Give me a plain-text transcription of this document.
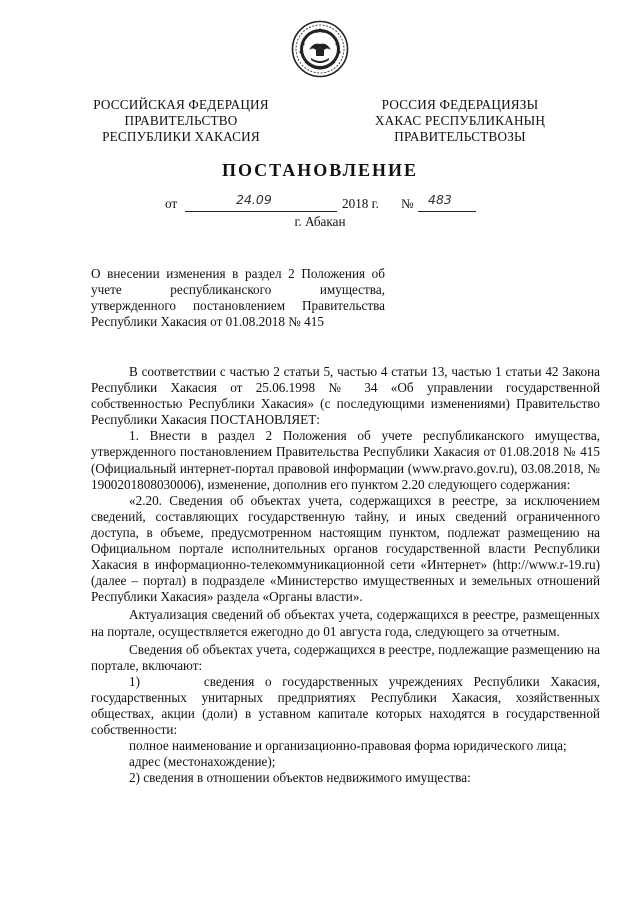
РОССИЙСКАЯ ФЕДЕРАЦИЯ
ПРАВИТЕЛЬСТВО
РЕСПУБЛИКИ ХАКАСИЯ
РОССИЯ ФЕДЕРАЦИЯЗЫ
ХАКАС РЕСПУБЛИКАНЫҢ
ПРАВИТЕЛЬСТВОЗЫ
ПОСТАНОВЛЕНИЕ
от	24.09	2018 г. № 483
г. Абакан
О внесении изменения в раздел 2 Положения об
учете республиканского имущества,
утвержденного постановлением Правительства
Республики Хакасия от 01.08.2018 № 415

В соответствии с частью 2 статьи 5, частью 4 статьи 13, частью 1 статьи 42 Закона Республики Хакасия от 25.06.1998 № 34 «Об управлении государственной собственностью Республики Хакасия» (с последующими изменениями) Правительство Республики Хакасия ПОСТАНОВЛЯЕТ:

1. Внести в раздел 2 Положения об учете республиканского имущества, утвержденного постановлением Правительства Республики Хакасия от 01.08.2018 № 415 (Официальный интернет-портал правовой информации (www.pravo.gov.ru), 03.08.2018, № 1900201808030006), изменение, дополнив его пунктом 2.20 следующего содержания:

«2.20. Сведения об объектах учета, содержащихся в реестре, за исключением сведений, составляющих государственную тайну, и иных сведений ограниченного доступа, в объеме, предусмотренном настоящим пунктом, подлежат размещению на Официальном портале исполнительных органов государственной власти Республики Хакасия в информационно-телекоммуникационной сети «Интернет» (http://www.r-19.ru) (далее – портал) в подразделе «Министерство имущественных и земельных отношений Республики Хакасия» раздела «Органы власти».

Актуализация сведений об объектах учета, содержащихся в реестре, размещенных на портале, осуществляется ежегодно до 01 августа года, следующего за отчетным.

Сведения об объектах учета, содержащихся в реестре, подлежащие размещению на портале, включают:

1)      сведения о государственных учреждениях Республики Хакасия, государственных унитарных предприятиях Республики Хакасия, хозяйственных обществах, акции (доли) в уставном капитале которых находятся в государственной собственности:

полное наименование и организационно-правовая форма юридического лица;

адрес (местонахождение);

2) сведения в отношении объектов недвижимого имущества:
